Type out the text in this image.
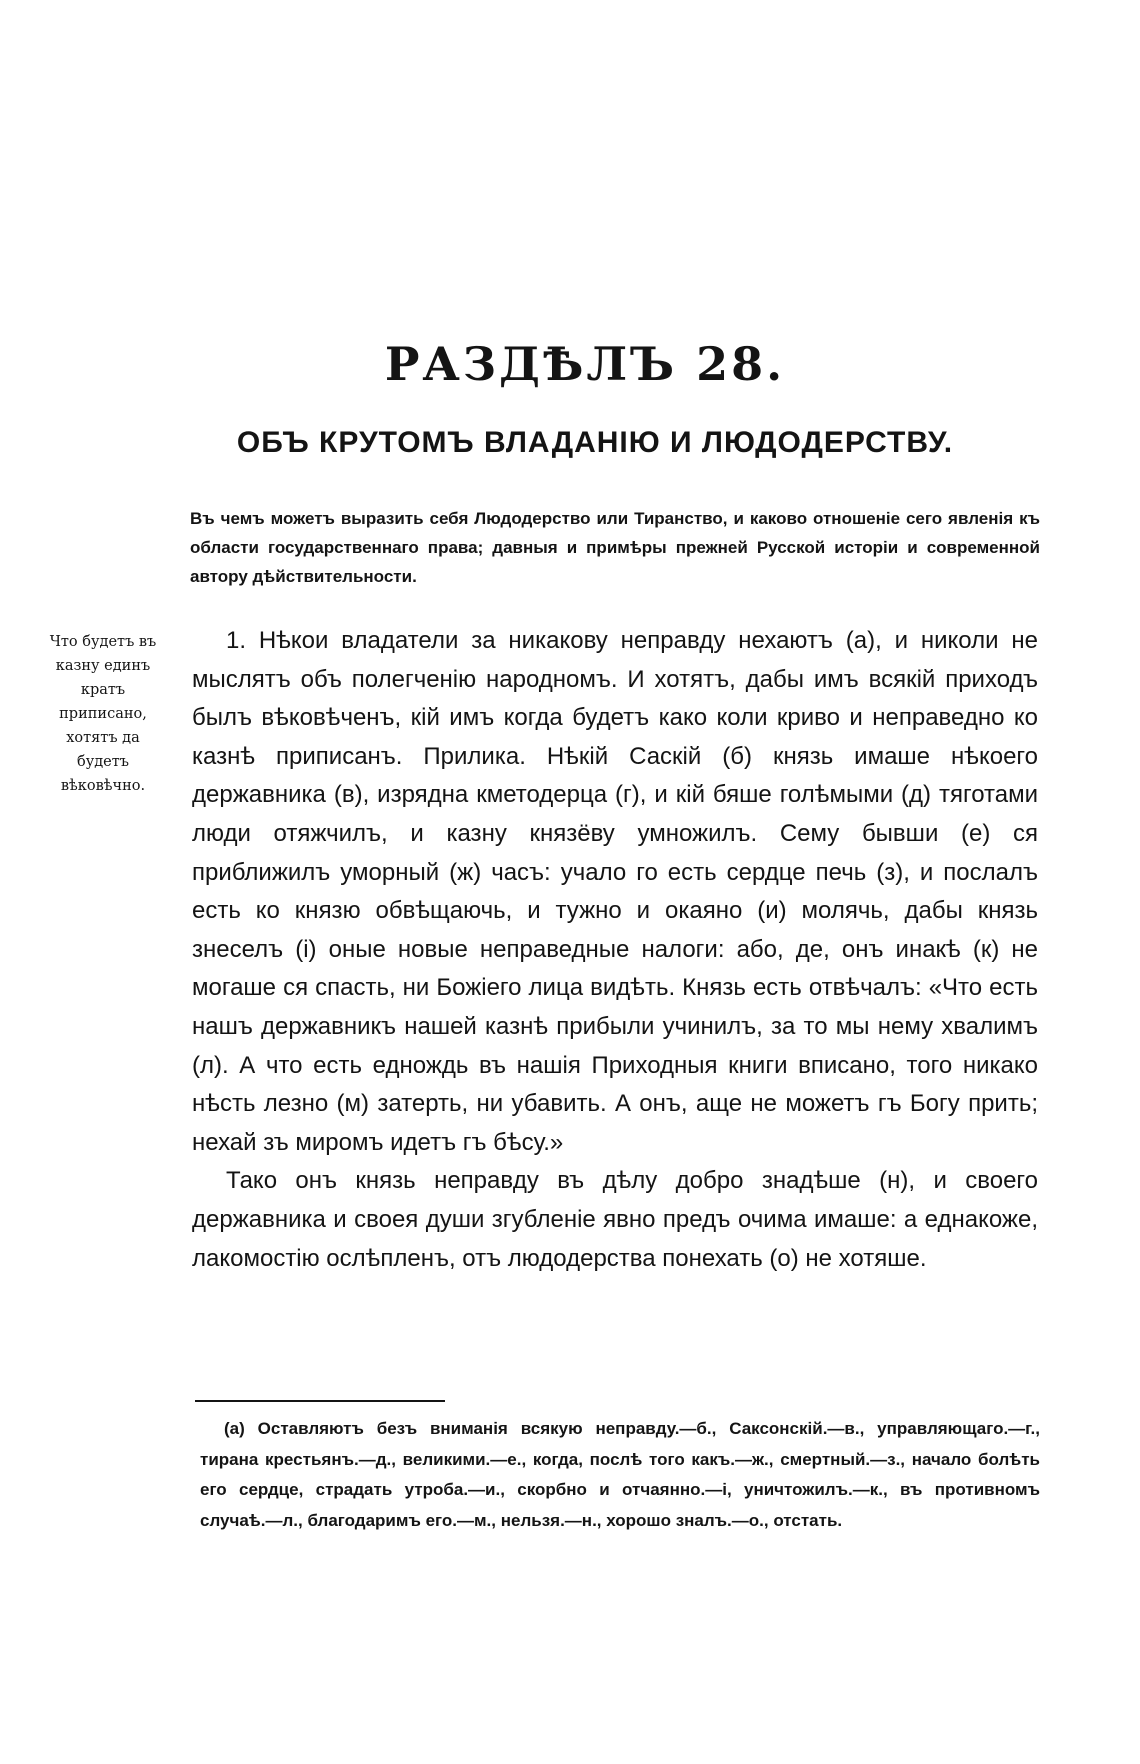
РАЗДѢЛЪ 28.
ОБЪ КРУТОМЪ ВЛАДАНІЮ И ЛЮДОДЕРСТВУ.

Въ чемъ можетъ выразить себя Людодерство или Тиранство, и каково отношеніе сего явленія къ области государственнаго права; давныя и примѣры прежней Русской исторіи и современной автору дѣйствительности.

Что будетъ въ казну единъ кратъ приписано, хотятъ да будетъ вѣковѣчно.

1. Нѣкои владатели за никакову неправду нехаютъ (а), и николи не мыслятъ объ полегченію народномъ. И хотятъ, дабы имъ всякій приходъ былъ вѣковѣченъ, кій имъ когда будетъ како коли криво и неправедно ко казнѣ приписанъ. Прилика. Нѣкій Саскій (б) князь имаше нѣкоего державника (в), изрядна кметодерца (г), и кій бяше голѣмыми (д) тяготами люди отяжчилъ, и казну князёву умножилъ. Сему бывши (е) ся приближилъ уморный (ж) часъ: учало го есть сердце печь (з), и послалъ есть ко князю обвѣщаючь, и тужно и окаяно (и) молячь, дабы князь знеселъ (і) оные новые неправедные налоги: або, де, онъ инакѣ (к) не могаше ся спасть, ни Божіего лица видѣть. Князь есть отвѣчалъ: «Что есть нашъ державникъ нашей казнѣ прибыли учинилъ, за то мы нему хвалимъ (л). А что есть еднождь въ нашія Приходныя книги вписано, того никако нѣсть лезно (м) затерть, ни убавить. А онъ, аще не можетъ гъ Богу прить; нехай зъ миромъ идетъ гъ бѣсу.»

Тако онъ князь неправду въ дѣлу добро знадѣше (н), и своего державника и своея души згубленіе явно предъ очима имаше: а еднакоже, лакомостію ослѣпленъ, отъ людодерства понехать (о) не хотяше.

(а) Оставляютъ безъ вниманія всякую неправду.—б., Саксонскій.—в., управляющаго.—г., тирана крестьянъ.—д., великими.—е., когда, послѣ того какъ.—ж., смертный.—з., начало болѣть его сердце, страдать утроба.—и., скорбно и отчаянно.—і, уничтожилъ.—к., въ противномъ случаѣ.—л., благодаримъ его.—м., нельзя.—н., хорошо зналъ.—о., отстать.
